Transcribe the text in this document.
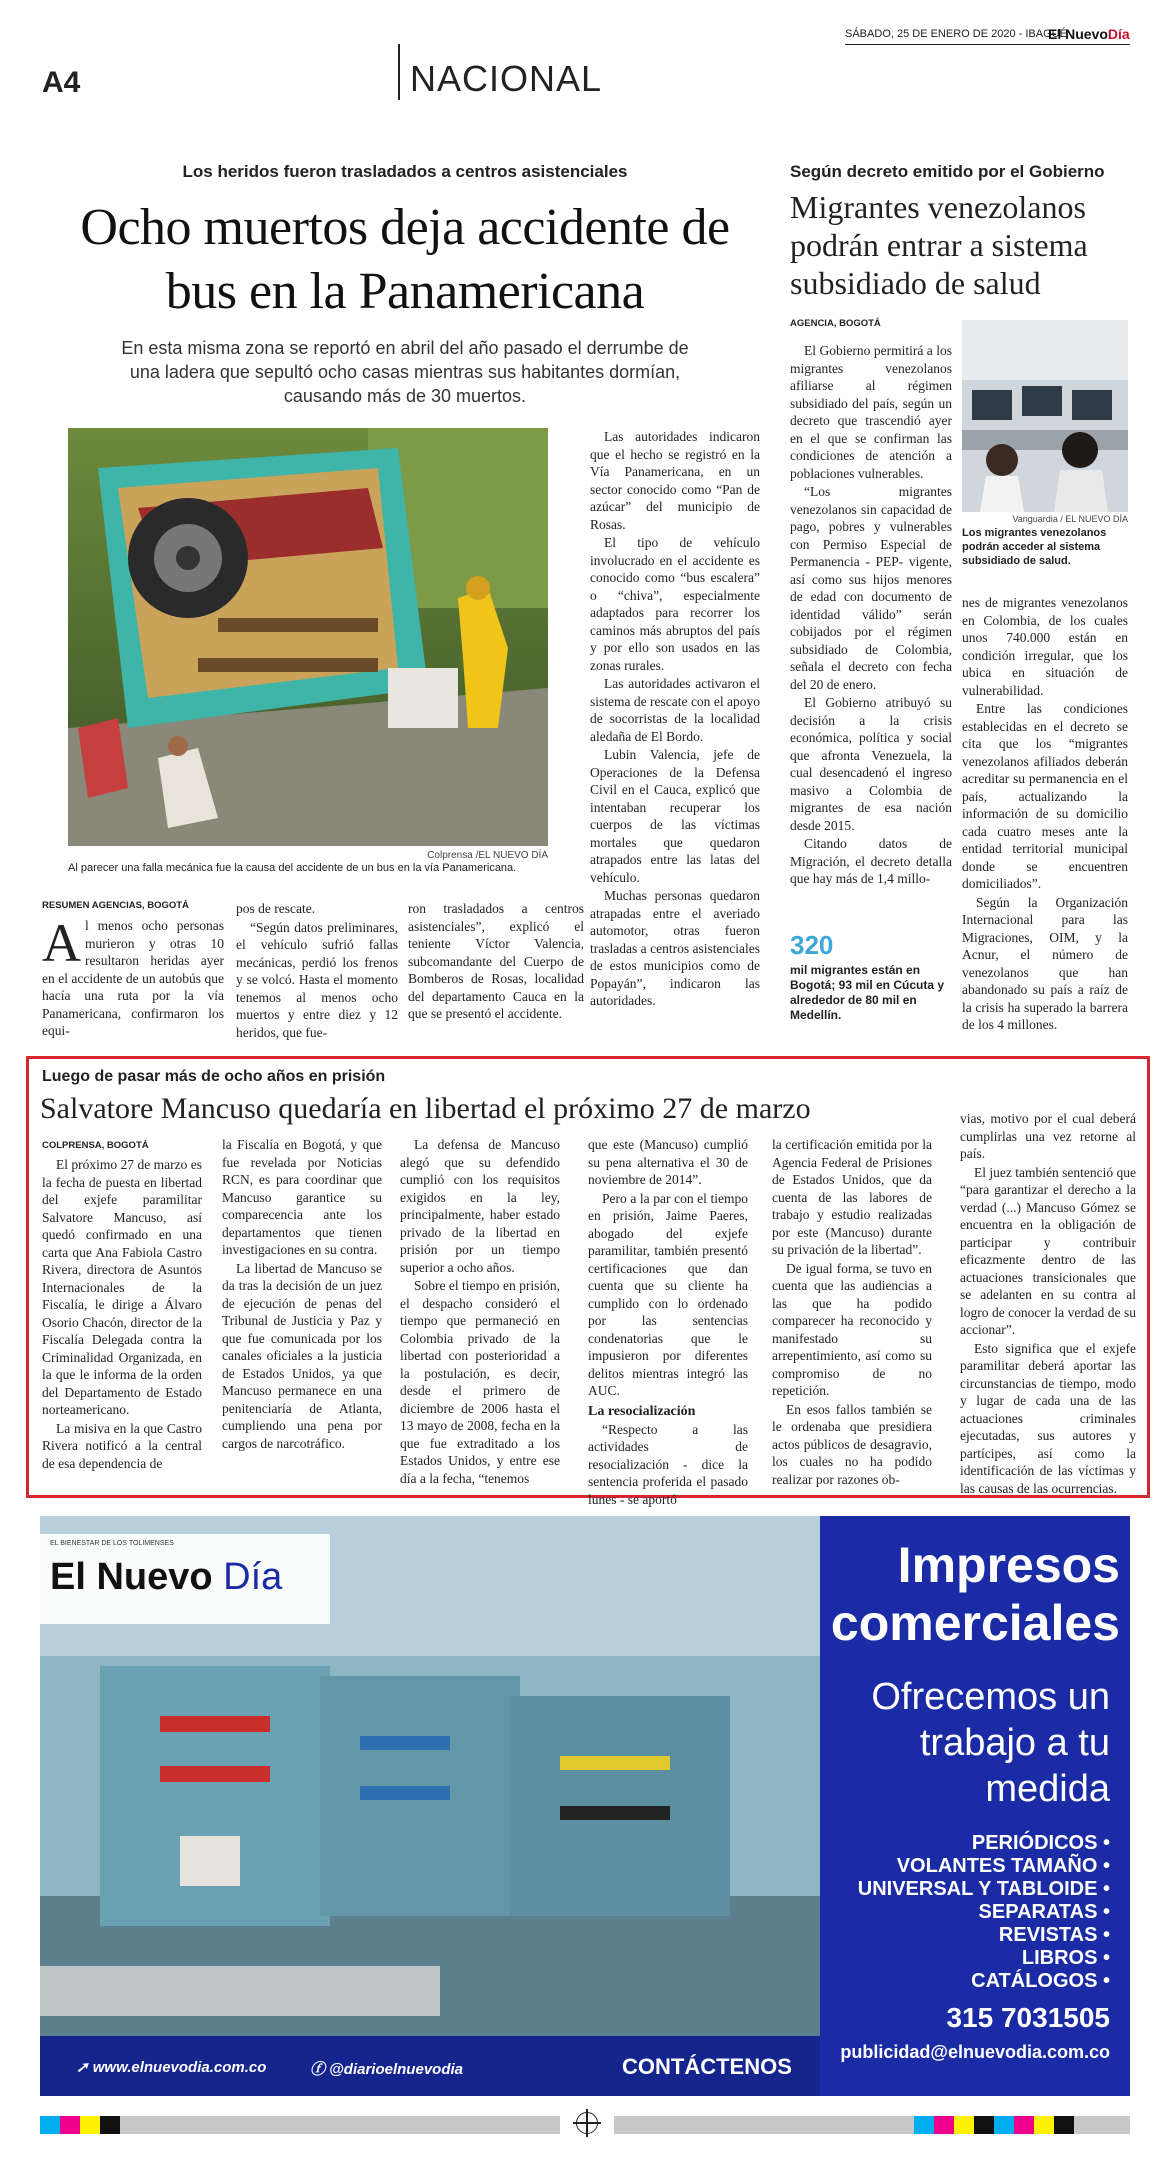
A4	NACIONAL
SÁBADO, 25 DE ENERO DE 2020 - IBAGUÉ
El NuevoDía
Los heridos fueron trasladados a centros asistenciales
Ocho muertos deja accidente de bus en la Panamericana
En esta misma zona se reportó en abril del año pasado el derrumbe de una ladera que sepultó ocho casas mientras sus habitantes dormían, causando más de 30 muertos.
Colprensa /EL NUEVO DÍA
Al parecer una falla mecánica fue la causa del accidente de un bus en la vía Panamericana.
RESUMEN AGENCIAS, BOGOTÁ
Al menos ocho personas murieron y otras 10 resultaron heridas ayer en el accidente de un autobús que hacía una ruta por la vía Panamericana, confirmaron los equi-

pos de rescate.

“Según datos preliminares, el vehículo sufrió fallas mecánicas, perdió los frenos y se volcó. Hasta el momento tenemos al menos ocho muertos y entre diez y 12 heridos, que fue-

ron trasladados a centros asistenciales”, explicó el teniente Víctor Valencia, subcomandante del Cuerpo de Bomberos de Rosas, localidad del departamento Cauca en la que se presentó el accidente.

Las autoridades indicaron que el hecho se registró en la Vía Panamericana, en un sector conocido como “Pan de azúcar” del municipio de Rosas.

El tipo de vehículo involucrado en el accidente es conocido como “bus escalera” o “chiva”, especialmente adaptados para recorrer los caminos más abruptos del país y por ello son usados en las zonas rurales.

Las autoridades activaron el sistema de rescate con el apoyo de socorristas de la localidad aledaña de El Bordo.

Lubin Valencia, jefe de Operaciones de la Defensa Civil en el Cauca, explicó que intentaban recuperar los cuerpos de las víctimas mortales que quedaron atrapados entre las latas del vehículo.

Muchas personas quedaron atrapadas entre el averiado automotor, otras fueron trasladas a centros asistenciales de estos municipios como de Popayán”, indicaron las autoridades.

Según decreto emitido por el Gobierno
Migrantes venezolanos podrán entrar a sistema subsidiado de salud
AGENCIA, BOGOTÁ

El Gobierno permitirá a los migrantes venezolanos afiliarse al régimen subsidiado del país, según un decreto que trascendió ayer en el que se confirman las condiciones de atención a poblaciones vulnerables.

“Los migrantes venezolanos sin capacidad de pago, pobres y vulnerables con Permiso Especial de Permanencia - PEP- vigente, así como sus hijos menores de edad con documento de identidad válido” serán cobijados por el régimen subsidiado de Colombia, señala el decreto con fecha del 20 de enero.

El Gobierno atribuyó su decisión a la crisis económica, política y social que afronta Venezuela, la cual desencadenó el ingreso masivo a Colombia de migrantes de esa nación desde 2015.

Citando datos de Migración, el decreto detalla que hay más de 1,4 millo-

Vanguardia / EL NUEVO DÍA
Los migrantes venezolanos podrán acceder al sistema subsidiado de salud.

nes de migrantes venezolanos en Colombia, de los cuales unos 740.000 están en condición irregular, que los ubica en situación de vulnerabilidad.

Entre las condiciones establecidas en el decreto se cita que los “migrantes venezolanos afiliados deberán acreditar su permanencia en el país, actualizando la información de su domicilio cada cuatro meses ante la entidad territorial municipal donde se encuentren domiciliados”.

Según la Organización Internacional para las Migraciones, OIM, y la Acnur, el número de venezolanos que han abandonado su país a raíz de la crisis ha superado la barrera de los 4 millones.

320
mil migrantes están en Bogotá; 93 mil en Cúcuta y alrededor de 80 mil en Medellín.
Luego de pasar más de ocho años en prisión
Salvatore Mancuso quedaría en libertad el próximo 27 de marzo
COLPRENSA, BOGOTÁ

El próximo 27 de marzo es la fecha de puesta en libertad del exjefe paramilitar Salvatore Mancuso, así quedó confirmado en una carta que Ana Fabiola Castro Rivera, directora de Asuntos Internacionales de la Fiscalía, le dirige a Álvaro Osorio Chacón, director de la Fiscalía Delegada contra la Criminalidad Organizada, en la que le informa de la orden del Departamento de Estado norteamericano.

La misiva en la que Castro Rivera notificó a la central de esa dependencia de

la Fiscalía en Bogotá, y que fue revelada por Noticias RCN, es para coordinar que Mancuso garantice su comparecencia ante los departamentos que tienen investigaciones en su contra.

La libertad de Mancuso se da tras la decisión de un juez de ejecución de penas del Tribunal de Justicia y Paz y que fue comunicada por los canales oficiales a la justicia de Estados Unidos, ya que Mancuso permanece en una penitenciaría de Atlanta, cumpliendo una pena por cargos de narcotráfico.

La defensa de Mancuso alegó que su defendido cumplió con los requisitos exigidos en la ley, principalmente, haber estado privado de la libertad en prisión por un tiempo superior a ocho años.

Sobre el tiempo en prisión, el despacho consideró el tiempo que permaneció en Colombia privado de la libertad con posterioridad a la postulación, es decir, desde el primero de diciembre de 2006 hasta el 13 mayo de 2008, fecha en la que fue extraditado a los Estados Unidos, y entre ese día a la fecha, “tenemos

que este (Mancuso) cumplió su pena alternativa el 30 de noviembre de 2014”.

Pero a la par con el tiempo en prisión, Jaime Paeres, abogado del exjefe paramilitar, también presentó certificaciones que dan cuenta que su cliente ha cumplido con lo ordenado por las sentencias condenatorias que le impusieron por diferentes delitos mientras integró las AUC.

La resocialización

“Respecto a las actividades de resocialización - dice la sentencia proferida el pasado lunes - se aportó

la certificación emitida por la Agencia Federal de Prisiones de Estados Unidos, que da cuenta de las labores de trabajo y estudio realizadas por este (Mancuso) durante su privación de la libertad”.

De igual forma, se tuvo en cuenta que las audiencias a las que ha podido comparecer ha reconocido y manifestado su arrepentimiento, así como su compromiso de no repetición.

En esos fallos también se le ordenaba que presidiera actos públicos de desagravio, los cuales no ha podido realizar por razones ob-

vias, motivo por el cual deberá cumplirlas una vez retorne al país.

El juez también sentenció que “para garantizar el derecho a la verdad (...) Mancuso Gómez se encuentra en la obligación de participar y contribuir eficazmente dentro de las actuaciones transicionales que se adelanten en su contra al logro de conocer la verdad de su accionar”.

Esto significa que el exjefe paramilitar deberá aportar las circunstancias de tiempo, modo y lugar de cada una de las actuaciones criminales ejecutadas, sus autores y partícipes, así como la identificación de las víctimas y las causas de las ocurrencias.

EL BIENESTAR DE LOS TOLIMENSES
El Nuevo Día	Impresos comerciales
Ofrecemos un trabajo a tu medida
PERIÓDICOS •
VOLANTES TAMAÑO •
UNIVERSAL Y TABLOIDE •
SEPARATAS •
REVISTAS •
LIBROS •
CATÁLOGOS •
315 7031505
publicidad@elnuevodia.com.co
➚ www.elnuevodia.com.co	ⓕ @diarioelnuevodia	CONTÁCTENOS
